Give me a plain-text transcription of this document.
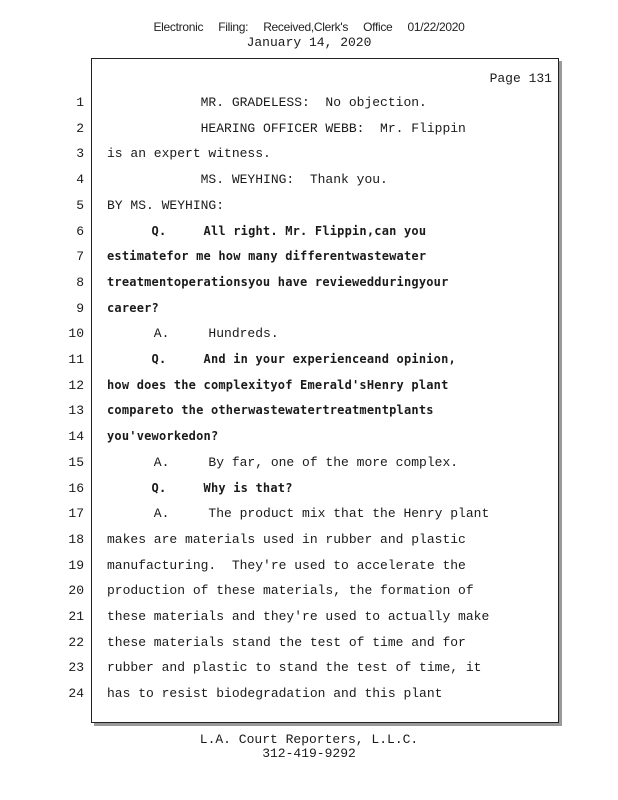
Electronic Filing: Received,Clerk's Office 01/22/2020
January 14, 2020
Page 131
1 MR. GRADELESS:  No objection.
2 HEARING OFFICER WEBB:  Mr. Flippin
3 is an expert witness.
4 MS. WEYHING:  Thank you.
5 BY MS. WEYHING:
6 Q.     All right. Mr. Flippin,can you
7 estimatefor me how many differentwastewater
8 treatmentoperationsyou have reviewedduringyour
9 career?
10 A.     Hundreds.
11 Q.     And in your experienceand opinion,
12 how does the complexityof Emerald'sHenry plant
13 compareto the otherwastewatertreatmentplants
14 you'veworkedon?
15 A.     By far, one of the more complex.
16 Q.     Why is that?
17 A.     The product mix that the Henry plant
18 makes are materials used in rubber and plastic
19 manufacturing.  They're used to accelerate the
20 production of these materials, the formation of
21 these materials and they're used to actually make
22 these materials stand the test of time and for
23 rubber and plastic to stand the test of time, it
24 has to resist biodegradation and this plant
L.A. Court Reporters, L.L.C.
312-419-9292
